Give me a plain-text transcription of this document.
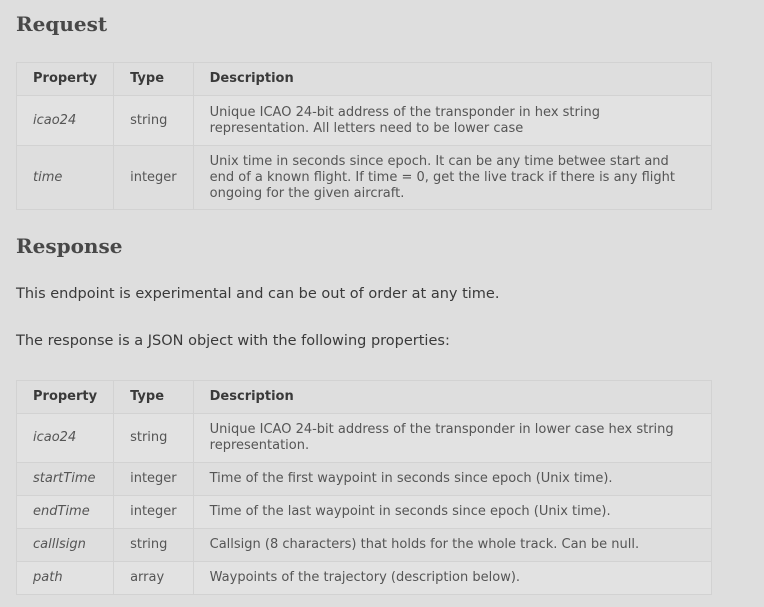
Request
Property	Type	Description
icao24	string	Unique ICAO 24-bit address of the transponder in hex string representation. All letters need to be lower case
time	integer	Unix time in seconds since epoch. It can be any time betwee start and end of a known flight. If time = 0, get the live track if there is any flight ongoing for the given aircraft.
Response

This endpoint is experimental and can be out of order at any time.

The response is a JSON object with the following properties:

Property	Type	Description
icao24	string	Unique ICAO 24-bit address of the transponder in lower case hex string representation.
startTime	integer	Time of the first waypoint in seconds since epoch (Unix time).
endTime	integer	Time of the last waypoint in seconds since epoch (Unix time).
calllsign	string	Callsign (8 characters) that holds for the whole track. Can be null.
path	array	Waypoints of the trajectory (description below).
